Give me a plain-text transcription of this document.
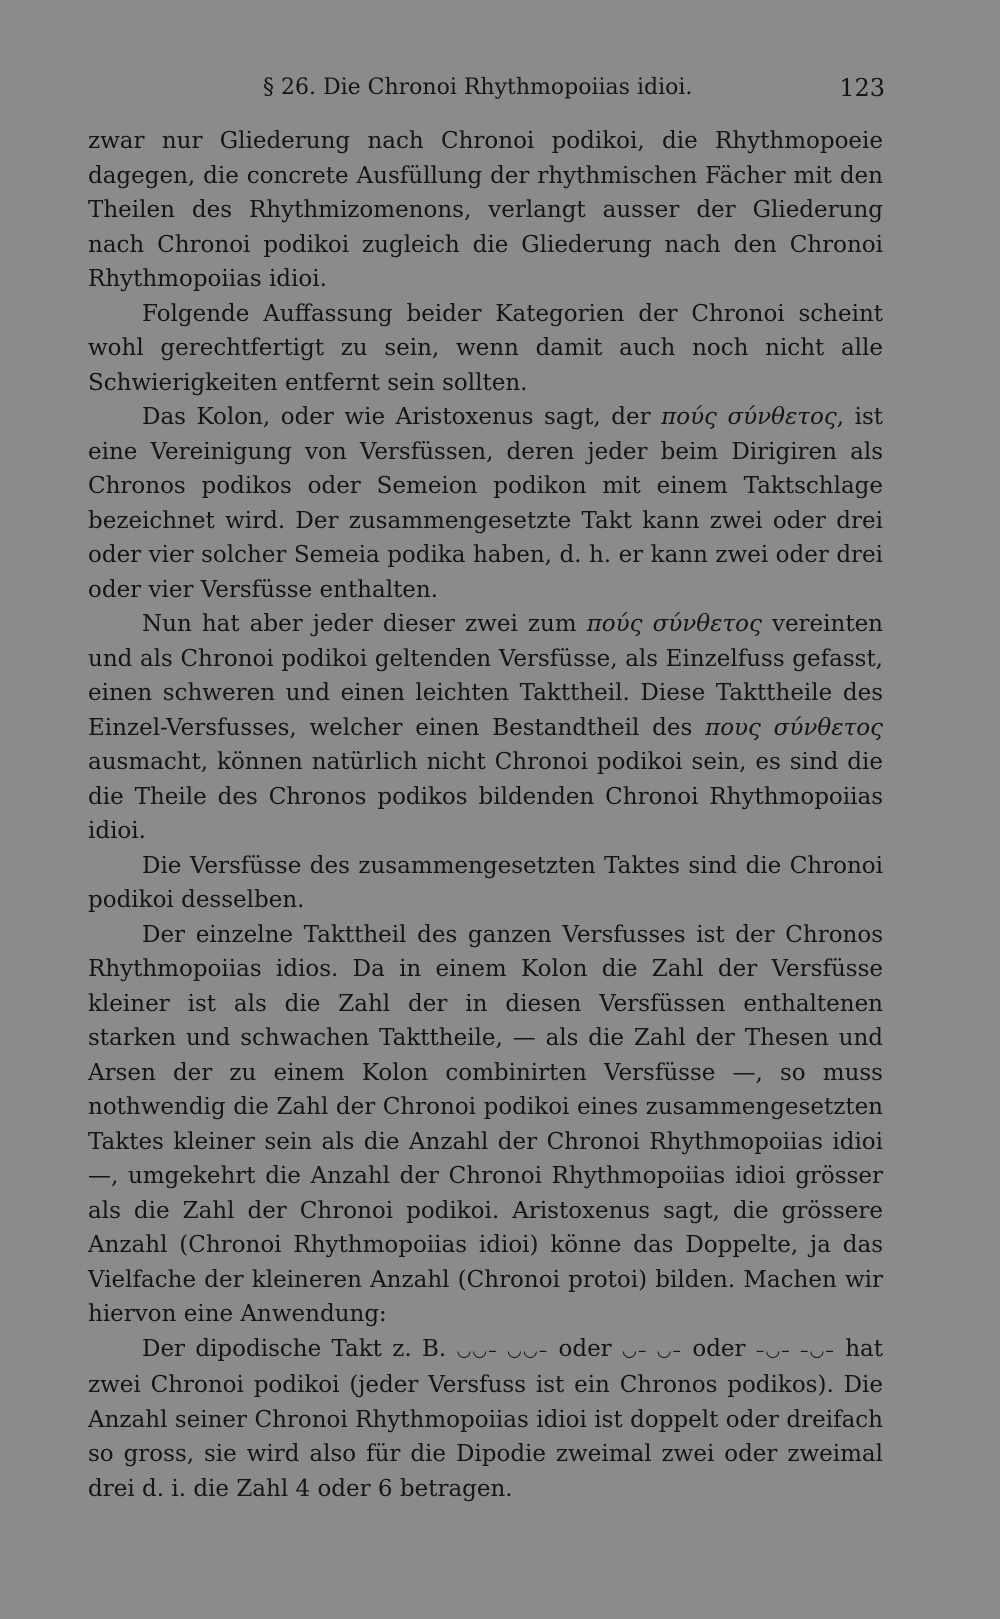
§ 26. Die Chronoi Rhythmopoiias idioi.	123

zwar nur Gliederung nach Chronoi podikoi, die Rhythmopoeie dagegen, die concrete Ausfüllung der rhythmischen Fächer mit den Theilen des Rhythmizomenons, verlangt ausser der Gliederung nach Chronoi podikoi zugleich die Gliederung nach den Chronoi Rhythmopoiias idioi.

Folgende Auffassung beider Kategorien der Chronoi scheint wohl gerechtfertigt zu sein, wenn damit auch noch nicht alle Schwierigkeiten entfernt sein sollten.

Das Kolon, oder wie Aristoxenus sagt, der πούς σύνθετος, ist eine Vereinigung von Versfüssen, deren jeder beim Dirigiren als Chronos podikos oder Semeion podikon mit einem Taktschlage bezeichnet wird. Der zusammengesetzte Takt kann zwei oder drei oder vier solcher Semeia podika haben, d. h. er kann zwei oder drei oder vier Versfüsse enthalten.

Nun hat aber jeder dieser zwei zum πούς σύνθετος vereinten und als Chronoi podikoi geltenden Versfüsse, als Einzelfuss gefasst, einen schweren und einen leichten Takttheil. Diese Takttheile des Einzel-Versfusses, welcher einen Bestandtheil des πους σύνθετος ausmacht, können natürlich nicht Chronoi podikoi sein, es sind die die Theile des Chronos podikos bildenden Chronoi Rhythmopoiias idioi.

Die Versfüsse des zusammengesetzten Taktes sind die Chronoi podikoi desselben.

Der einzelne Takttheil des ganzen Versfusses ist der Chronos Rhythmopoiias idios. Da in einem Kolon die Zahl der Versfüsse kleiner ist als die Zahl der in diesen Versfüssen enthaltenen starken und schwachen Takttheile, — als die Zahl der Thesen und Arsen der zu einem Kolon combinirten Versfüsse —, so muss nothwendig die Zahl der Chronoi podikoi eines zusammengesetzten Taktes kleiner sein als die Anzahl der Chronoi Rhythmopoiias idioi —, umgekehrt die Anzahl der Chronoi Rhythmopoiias idioi grösser als die Zahl der Chronoi podikoi. Aristoxenus sagt, die grössere Anzahl (Chronoi Rhythmopoiias idioi) könne das Doppelte, ja das Vielfache der kleineren Anzahl (Chronoi protoi) bilden. Machen wir hiervon eine Anwendung:

Der dipodische Takt z. B. ◡◡– ◡◡– oder ◡– ◡– oder –◡– –◡– hat zwei Chronoi podikoi (jeder Versfuss ist ein Chronos podikos). Die Anzahl seiner Chronoi Rhythmopoiias idioi ist doppelt oder dreifach so gross, sie wird also für die Dipodie zweimal zwei oder zweimal drei d. i. die Zahl 4 oder 6 betragen.
